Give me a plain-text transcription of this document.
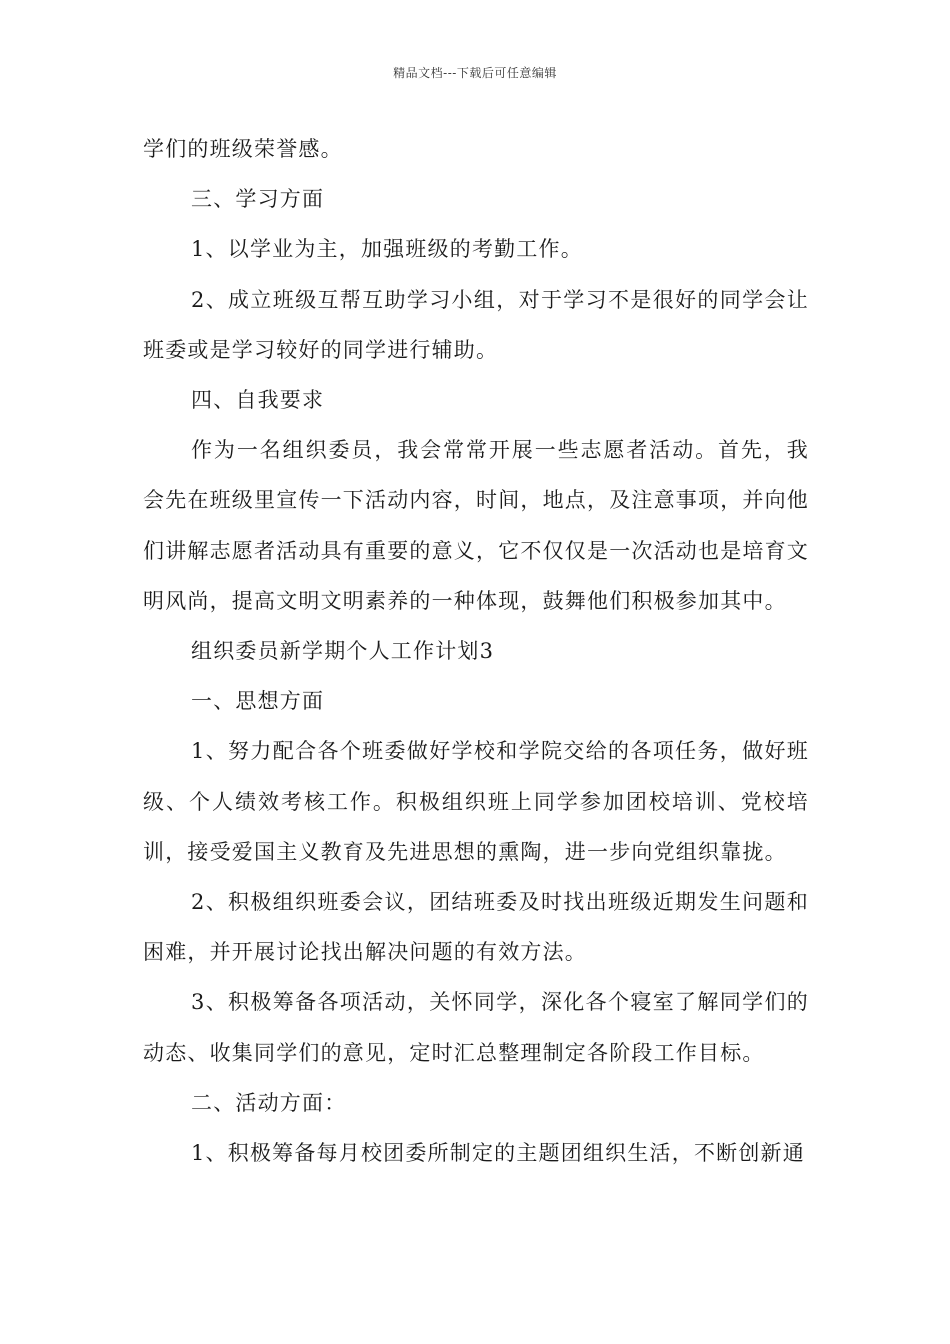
精品文档---下载后可任意编辑

学们的班级荣誉感。

三、学习方面

1、以学业为主，加强班级的考勤工作。

2、成立班级互帮互助学习小组，对于学习不是很好的同学会让班委或是学习较好的同学进行辅助。

四、自我要求

作为一名组织委员，我会常常开展一些志愿者活动。首先，我会先在班级里宣传一下活动内容，时间，地点，及注意事项，并向他们讲解志愿者活动具有重要的意义，它不仅仅是一次活动也是培育文明风尚，提高文明文明素养的一种体现，鼓舞他们积极参加其中。

组织委员新学期个人工作计划3

一、思想方面

1、努力配合各个班委做好学校和学院交给的各项任务，做好班级、个人绩效考核工作。积极组织班上同学参加团校培训、党校培训，接受爱国主义教育及先进思想的熏陶，进一步向党组织靠拢。

2、积极组织班委会议，团结班委及时找出班级近期发生问题和困难，并开展讨论找出解决问题的有效方法。

3、积极筹备各项活动，关怀同学，深化各个寝室了解同学们的动态、收集同学们的意见，定时汇总整理制定各阶段工作目标。

二、活动方面：

1、积极筹备每月校团委所制定的主题团组织生活，不断创新通
